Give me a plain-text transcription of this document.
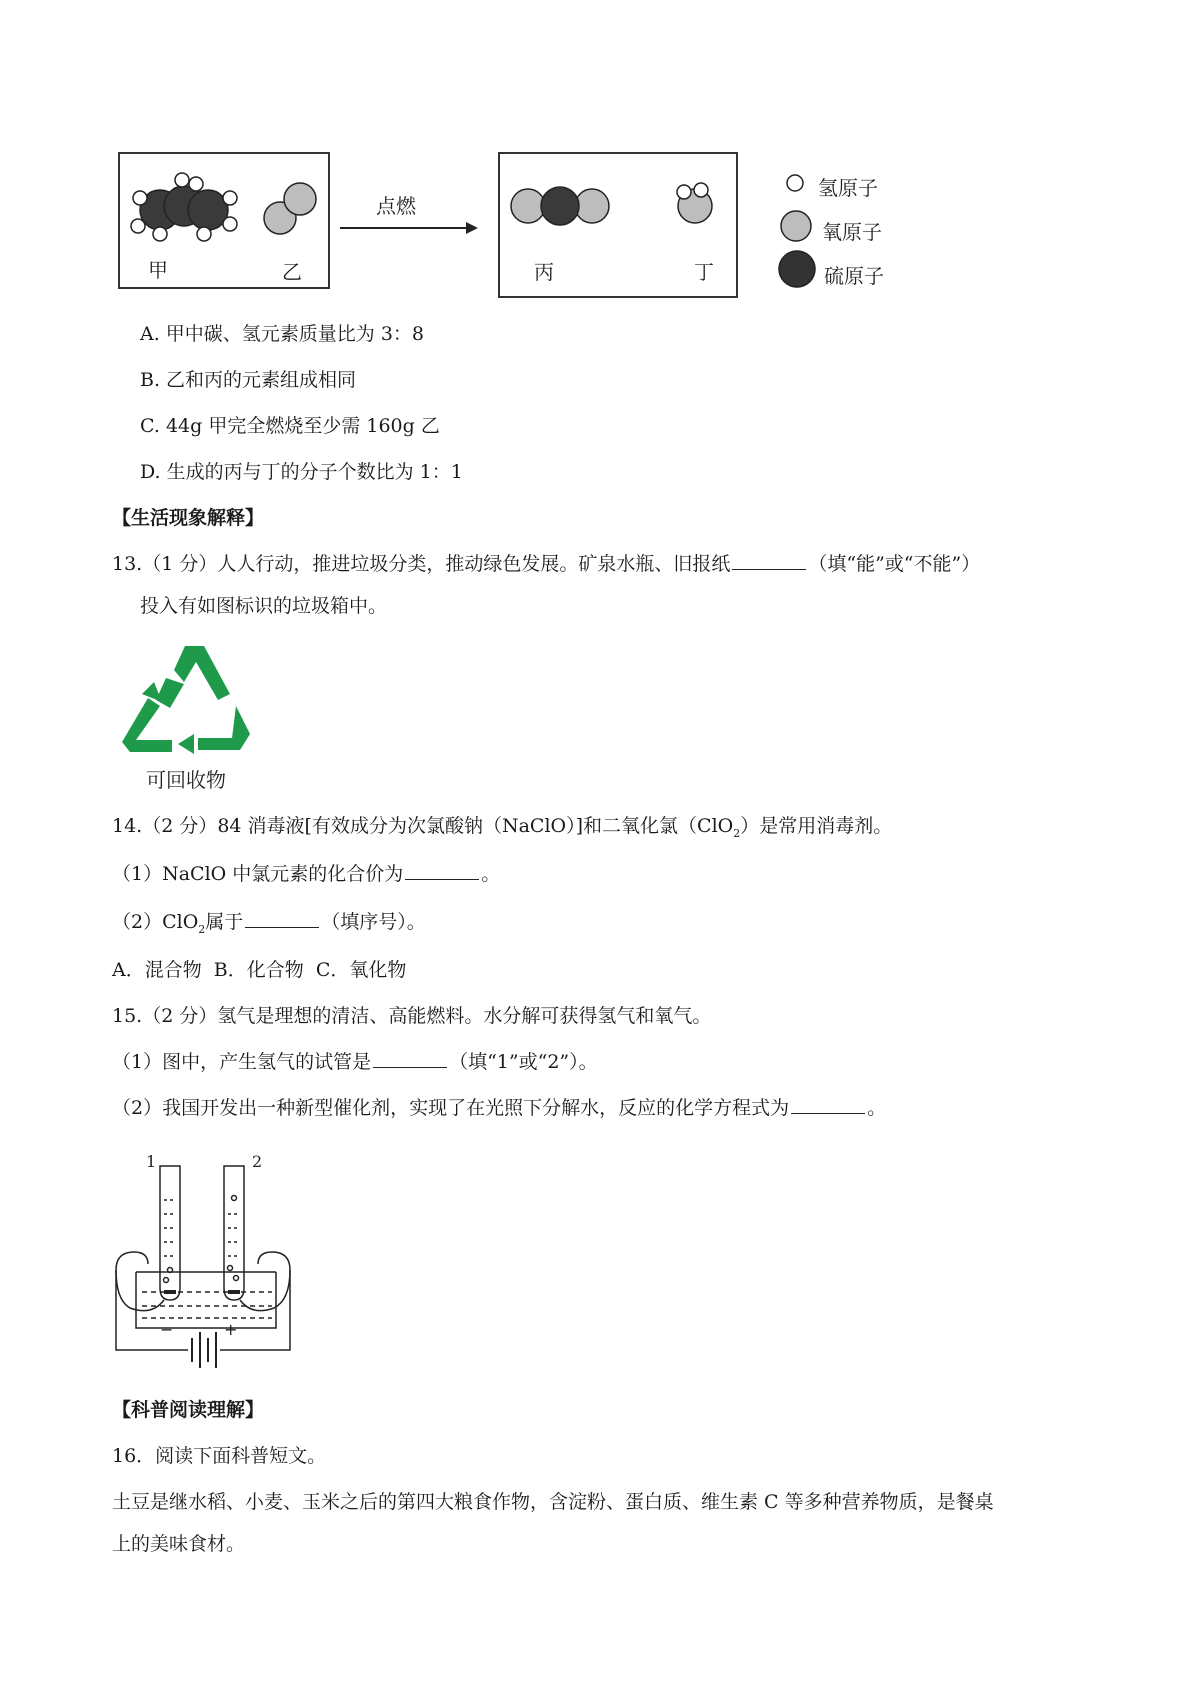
甲	乙
点燃
丙	丁
氢原子
氧原子
硫原子
A. 甲中碳、氢元素质量比为 3：8
B. 乙和丙的元素组成相同
C. 44g 甲完全燃烧至少需 160g 乙
D. 生成的丙与丁的分子个数比为 1：1
【生活现象解释】
13.（1 分）人人行动，推进垃圾分类，推动绿色发展。矿泉水瓶、旧报纸	（填“能”或“不能”）
投入有如图标识的垃圾箱中。
可回收物
14.（2 分）84 消毒液[有效成分为次氯酸钠（NaClO）]和二氧化氯（ClO$_2$）是常用消毒剂。
（1）NaClO 中氯元素的化合价为	。
（2）ClO$_2$属于	（填序号）。
A．混合物  B．化合物  C．氧化物
15.（2 分）氢气是理想的清洁、高能燃料。水分解可获得氢气和氧气。
（1）图中，产生氢气的试管是	（填“1”或“2”）。
（2）我国开发出一种新型催化剂，实现了在光照下分解水，反应的化学方程式为	。
1	2
−	+
【科普阅读理解】
16．阅读下面科普短文。
土豆是继水稻、小麦、玉米之后的第四大粮食作物，含淀粉、蛋白质、维生素 C 等多种营养物质，是餐桌
上的美味食材。
